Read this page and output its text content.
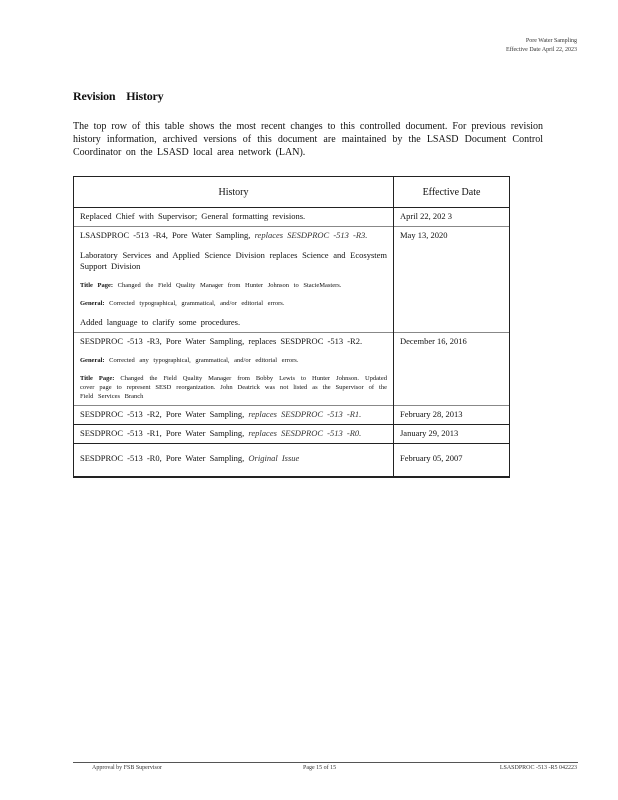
Pore Water Sampling
Effective Date April 22, 2023
Revision History
The top row of this table shows the most recent changes to this controlled document. For previous revision history information, archived versions of this document are maintained by the LSASD Document Control Coordinator on the LSASD local area network (LAN).
History	Effective Date

Replaced Chief with Supervisor; General formatting revisions.	April 22, 202 3

LSASDPROC -513 -R4, Pore Water Sampling, replaces SESDPROC -513 -R3.
Laboratory Services and Applied Science Division replaces Science and Ecosystem Support Division
Title Page: Changed the Field Quality Manager from Hunter Johnson to StacieMasters.
General: Corrected typographical, grammatical, and/or editorial errors.
Added language to clarify some procedures.	May 13, 2020

SESDPROC -513 -R3, Pore Water Sampling, replaces SESDPROC -513 -R2.
General: Corrected any typographical, grammatical, and/or editorial errors.
Title Page: Changed the Field Quality Manager from Bobby Lewis to Hunter Johnson. Updated cover page to represent SESD reorganization. John Deatrick was not listed as the Supervisor of the Field Services Branch	December 16, 2016

SESDPROC -513 -R2, Pore Water Sampling, replaces SESDPROC -513 -R1.	February 28, 2013

SESDPROC -513 -R1, Pore Water Sampling, replaces SESDPROC -513 -R0.	January 29, 2013

SESDPROC -513 -R0, Pore Water Sampling, Original Issue	February 05, 2007
Approval by FSB Supervisor	Page 15 of 15	LSASDPROC -513 -R5 042223
